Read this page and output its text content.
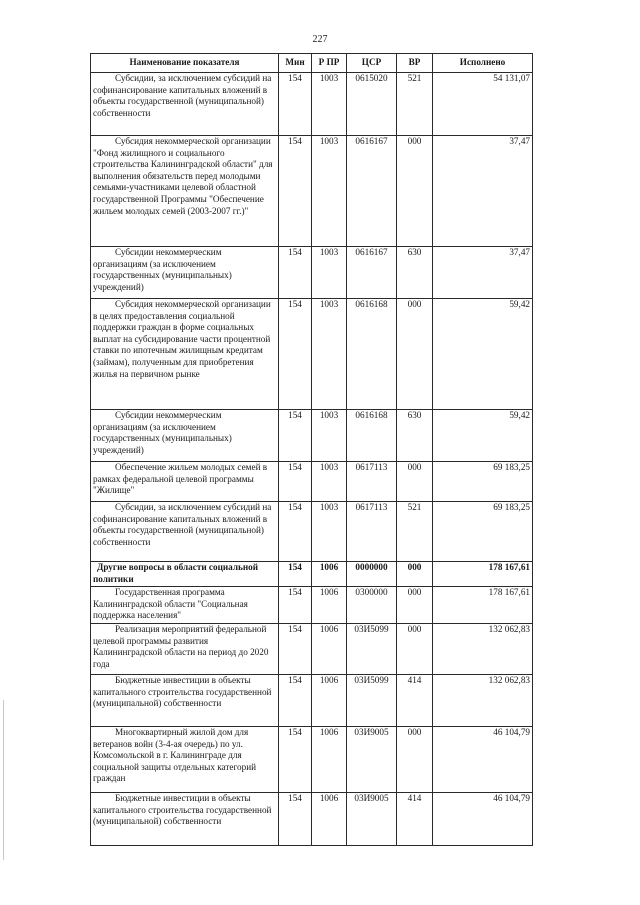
227
Наименование показателя	Мин	Р ПР	ЦСР	ВР	Исполнено
Субсидии, за исключением субсидий на софинансирование капитальных вложений в объекты государственной (муниципальной) собственности	154	1003	0615020	521	54 131,07
Субсидия некоммерческой организации "Фонд жилищного и социального строительства Калининградской области" для выполнения обязательств перед молодыми семьями-участниками целевой областной государственной Программы "Обеспечение жильем молодых семей (2003-2007 гг.)"	154	1003	0616167	000	37,47
Субсидии некоммерческим организациям (за исключением государственных (муниципальных) учреждений)	154	1003	0616167	630	37,47
Субсидия некоммерческой организации в целях предоставления социальной поддержки граждан в форме социальных выплат на субсидирование части процентной ставки по ипотечным жилищным кредитам (займам), полученным для приобретения жилья на первичном рынке	154	1003	0616168	000	59,42
Субсидии некоммерческим организациям (за исключением государственных (муниципальных) учреждений)	154	1003	0616168	630	59,42
Обеспечение жильем молодых семей в рамках федеральной целевой программы "Жилище"	154	1003	0617113	000	69 183,25
Субсидии, за исключением субсидий на софинансирование капитальных вложений в объекты государственной (муниципальной) собственности	154	1003	0617113	521	69 183,25
Другие вопросы в области социальной политики	154	1006	0000000	000	178 167,61
Государственная программа Калининградской области "Социальная поддержка населения"	154	1006	0300000	000	178 167,61
Реализация мероприятий федеральной целевой программы развития Калининградской области на период до 2020 года	154	1006	03И5099	000	132 062,83
Бюджетные инвестиции в объекты капитального строительства государственной (муниципальной) собственности	154	1006	03И5099	414	132 062,83
Многоквартирный жилой дом для ветеранов войн (3-4-ая очередь) по ул. Комсомольской в г. Калининграде для социальной защиты отдельных категорий граждан	154	1006	03И9005	000	46 104,79
Бюджетные инвестиции в объекты капитального строительства государственной (муниципальной) собственности	154	1006	03И9005	414	46 104,79
